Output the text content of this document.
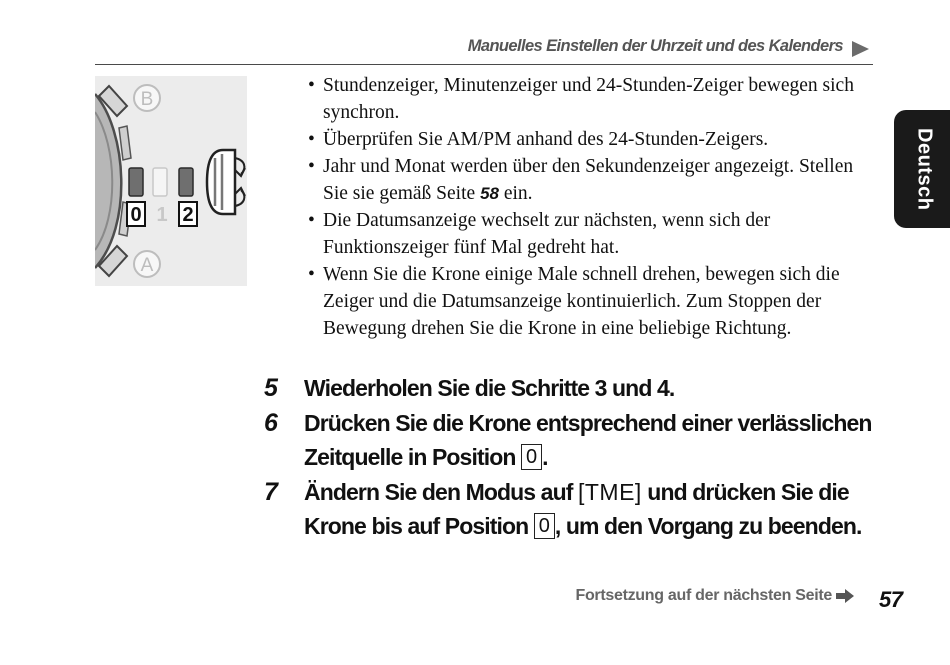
Manuelles Einstellen der Uhrzeit und des Kalenders
Deutsch
B
A
0 1 2
• Stundenzeiger, Minutenzeiger und 24-Stunden-Zeiger bewegen sich synchron.
• Überprüfen Sie AM/PM anhand des 24-Stunden-Zeigers.
• Jahr und Monat werden über den Sekundenzeiger angezeigt. Stellen Sie sie gemäß Seite 58 ein.
• Die Datumsanzeige wechselt zur nächsten, wenn sich der Funktionszeiger fünf Mal gedreht hat.
• Wenn Sie die Krone einige Male schnell drehen, bewegen sich die Zeiger und die Datumsanzeige kontinuierlich. Zum Stoppen der Bewegung drehen Sie die Krone in eine beliebige Richtung.
5 Wiederholen Sie die Schritte 3 und 4.
6 Drücken Sie die Krone entsprechend einer verlässlichen Zeitquelle in Position 0 .
7 Ändern Sie den Modus auf [TME] und drücken Sie die Krone bis auf Position 0 , um den Vorgang zu beenden.
Fortsetzung auf der nächsten Seite 57
